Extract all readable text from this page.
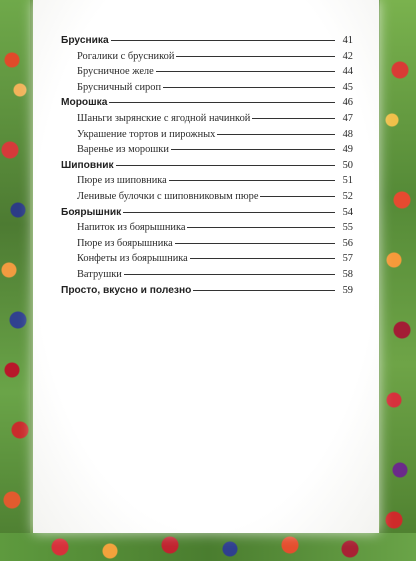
Брусника	41
Рогалики с брусникой	42
Брусничное желе	44
Брусничный сироп	45
Морошка	46
Шаньги зырянские с ягодной начинкой	47
Украшение тортов и пирожных	48
Варенье из морошки	49
Шиповник	50
Пюре из шиповника	51
Ленивые булочки с шиповниковым пюре	52
Боярышник	54
Напиток из боярышника	55
Пюре из боярышника	56
Конфеты из боярышника	57
Ватрушки	58
Просто, вкусно и полезно	59
